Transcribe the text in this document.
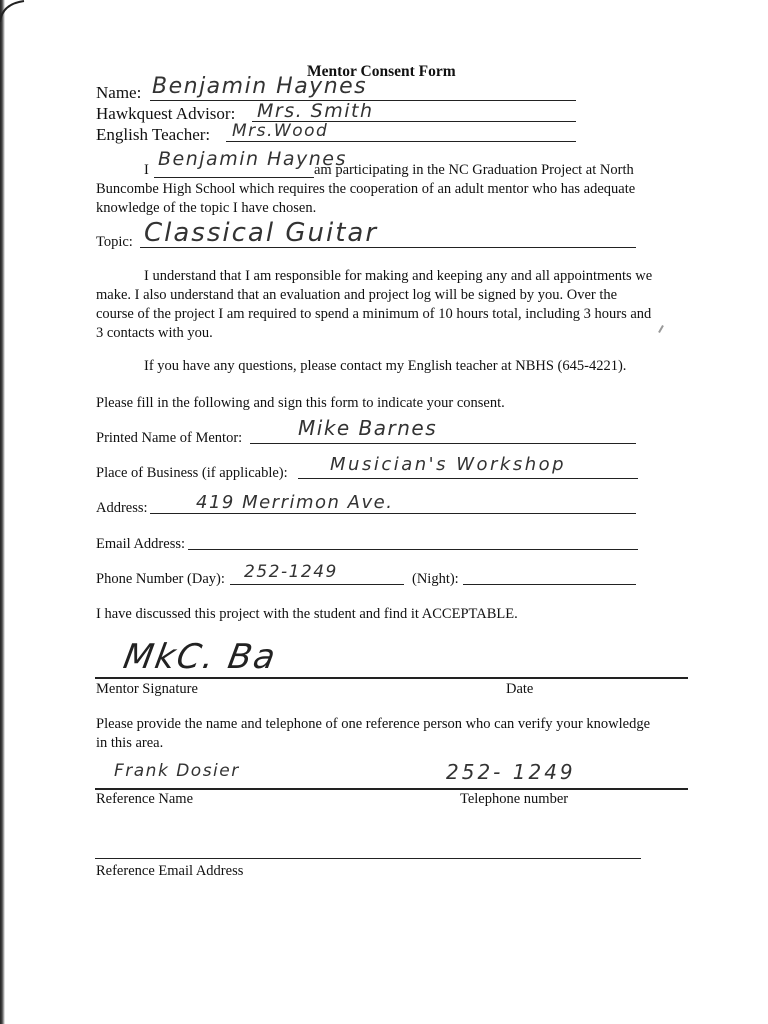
Mentor Consent Form
Name: Benjamin Haynes
Hawkquest Advisor: Mrs. Smith
English Teacher: Mrs.Wood
I Benjamin Haynes
am participating in the NC Graduation Project at North
Buncombe High School which requires the cooperation of an adult mentor who has adequate
knowledge of the topic I have chosen.
Topic: Classical Guitar
I understand that I am responsible for making and keeping any and all appointments we
make. I also understand that an evaluation and project log will be signed by you. Over the
course of the project I am required to spend a minimum of 10 hours total, including 3 hours and
3 contacts with you.
If you have any questions, please contact my English teacher at NBHS (645-4221).
Please fill in the following and sign this form to indicate your consent.
Printed Name of Mentor:	Mike Barnes
Place of Business (if applicable): Musician's Workshop
Address:	419 Merrimon Ave.
Email Address:
Phone Number (Day): 252-1249	(Night):
I have discussed this project with the student and find it ACCEPTABLE.
MkC. Ba
Mentor Signature	Date
Please provide the name and telephone of one reference person who can verify your knowledge
in this area.
Frank Dosier	252- 1249
Reference Name	Telephone number
Reference Email Address
